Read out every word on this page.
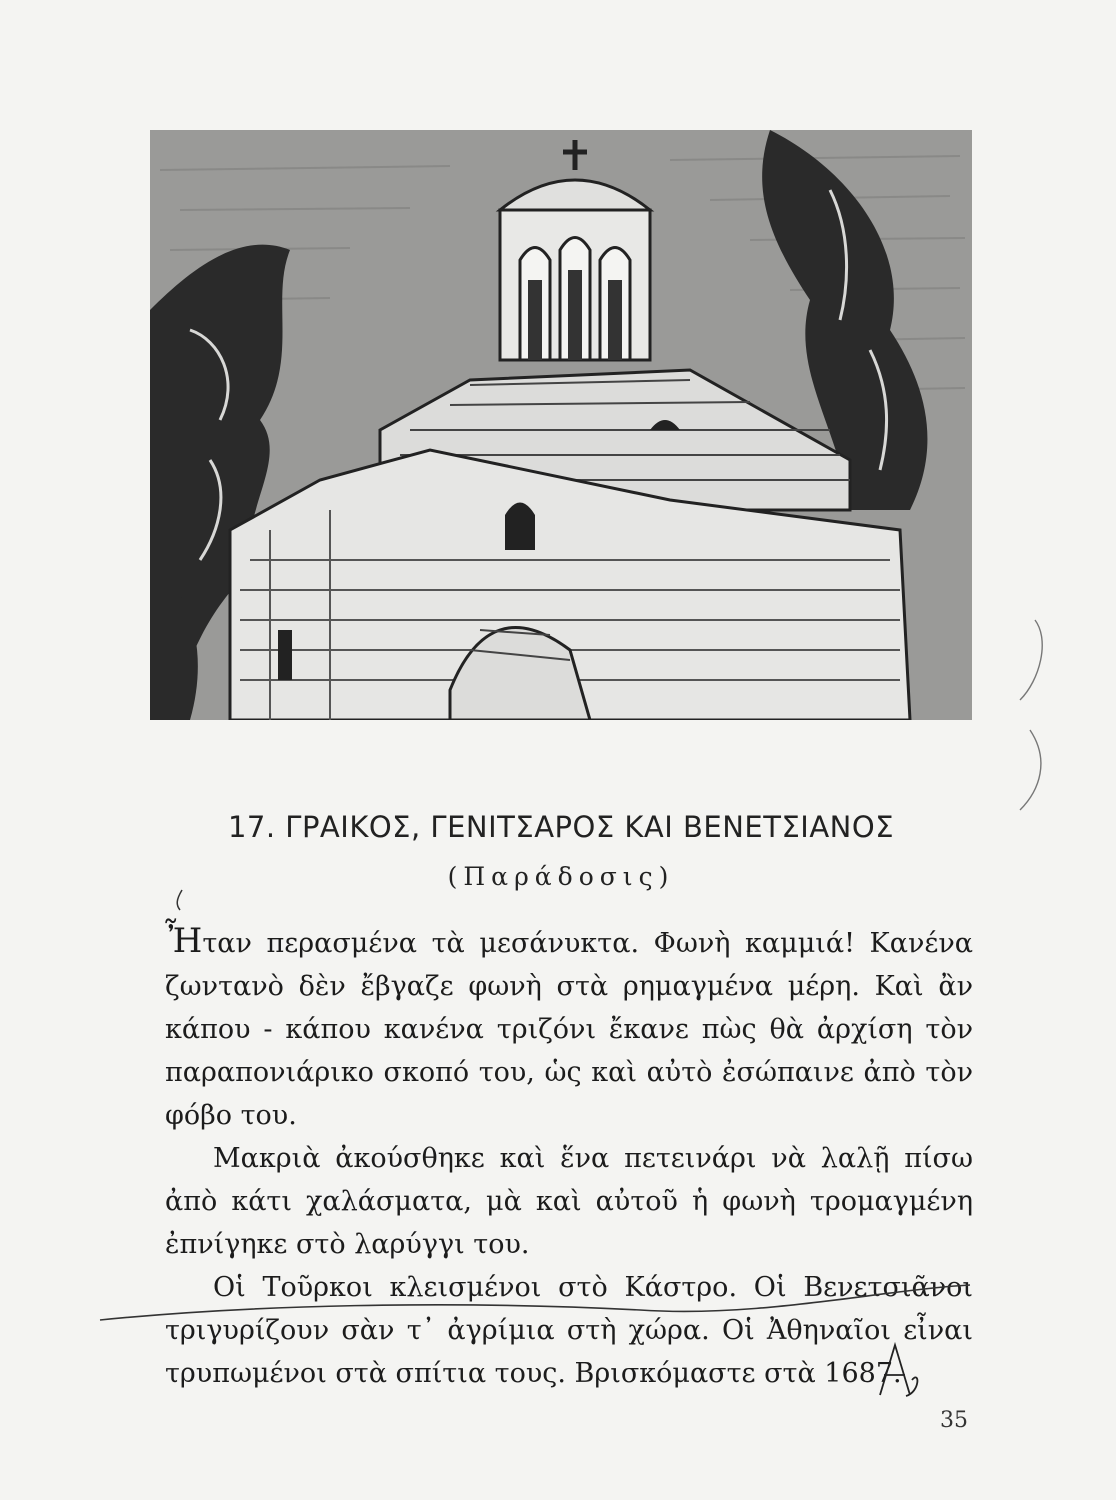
17. ΓΡΑΙΚΟΣ, ΓΕΝΙΤΣΑΡΟΣ ΚΑΙ ΒΕΝΕΤΣΙΑΝΟΣ
(Παράδοσις)

Ἦταν περασμένα τὰ μεσάνυκτα. Φωνὴ καμμιά! Κανένα ζωντανὸ δὲν ἔβγαζε φωνὴ στὰ ρημαγμένα μέρη. Καὶ ἂν κάπου - κάπου κανένα τριζόνι ἔκανε πὼς θὰ ἀρχίση τὸν παραπονιάρικο σκοπό του, ὡς καὶ αὐτὸ ἐσώπαινε ἀπὸ τὸν φόβο του.

Μακριὰ ἀκούσθηκε καὶ ἕνα πετεινάρι νὰ λαλῇ πίσω ἀπὸ κάτι χαλάσματα, μὰ καὶ αὐτοῦ ἡ φωνὴ τρομαγμένη ἐπνίγηκε στὸ λαρύγγι του.

Οἱ Τοῦρκοι κλεισμένοι στὸ Κάστρο. Οἱ Βενετσιᾶνοι τριγυρίζουν σὰν τ᾽ ἀγρίμια στὴ χώρα. Οἱ Ἀθηναῖοι εἶναι τρυπωμένοι στὰ σπίτια τους. Βρισκόμαστε στὰ 1687.

35
